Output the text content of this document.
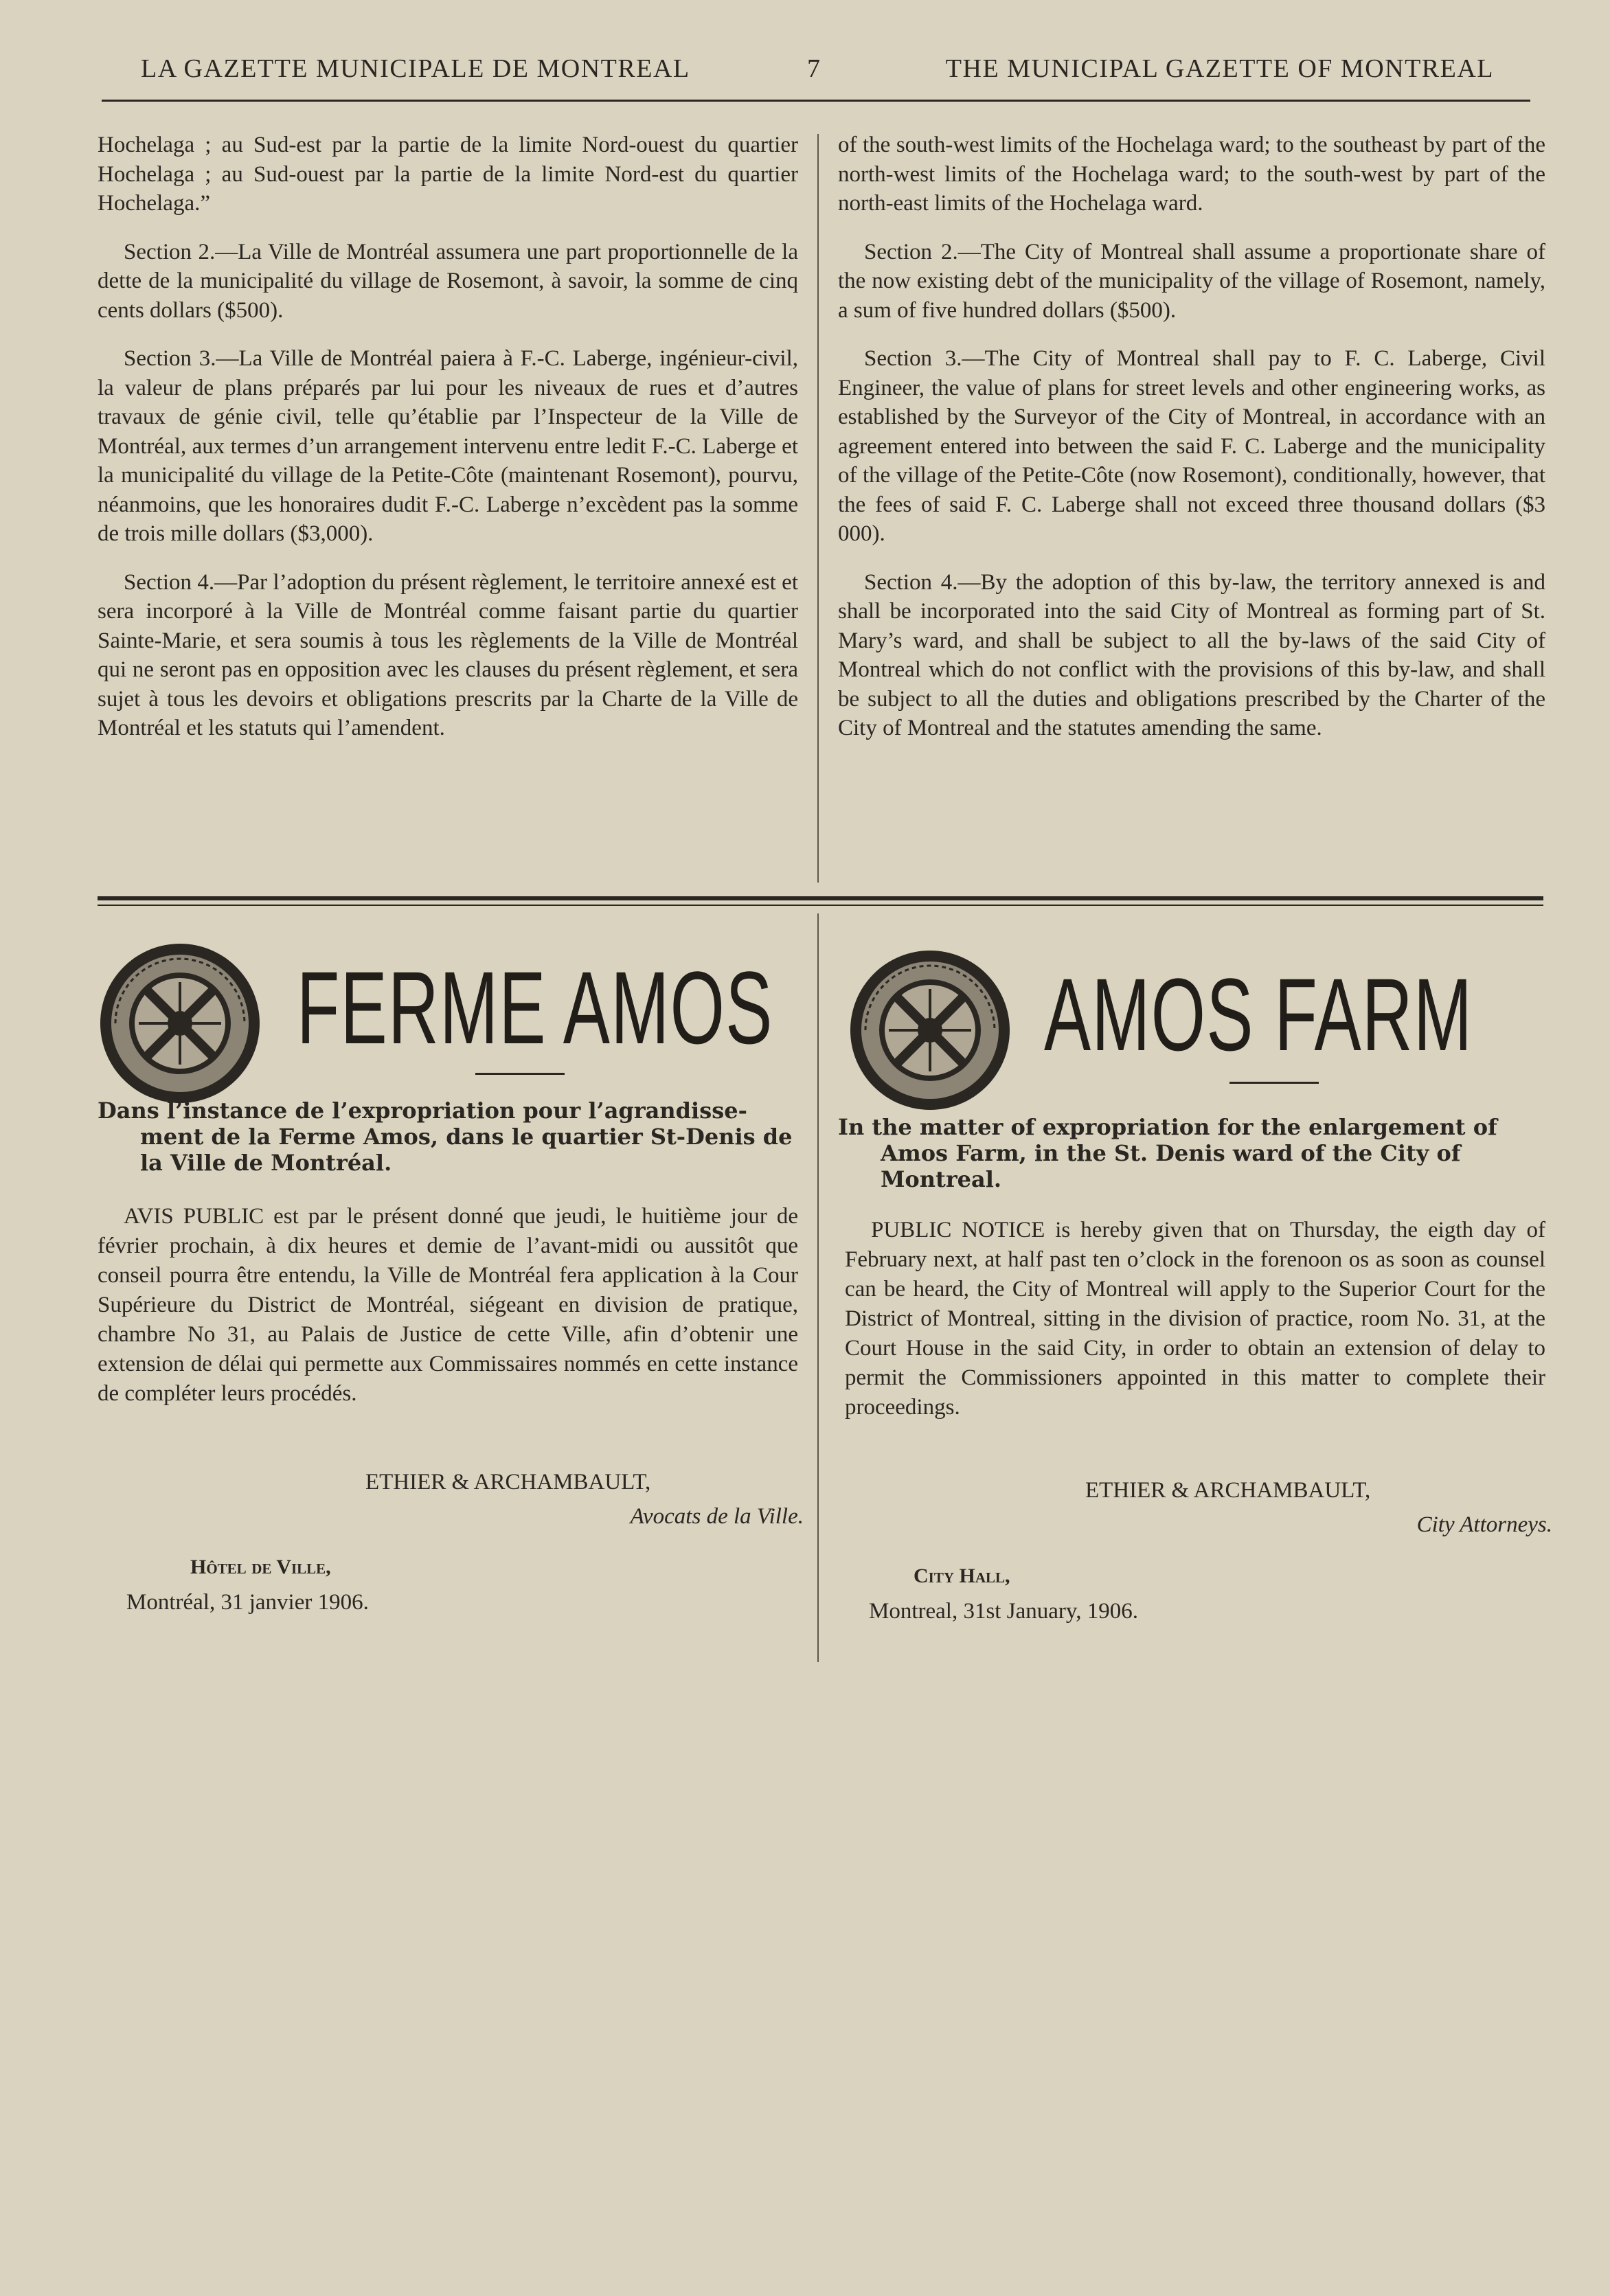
LA GAZETTE MUNICIPALE DE MONTREAL	7	THE MUNICIPAL GAZETTE OF MONTREAL

Hochelaga ; au Sud-est par la partie de la limite Nord-ouest du quartier Hochelaga ; au Sud-ouest par la partie de la limite Nord-est du quartier Hochelaga.”

Section 2.—La Ville de Montréal assumera une part proportionnelle de la dette de la municipalité du village de Rosemont, à savoir, la somme de cinq cents dollars ($500).

Section 3.—La Ville de Montréal paiera à F.-C. Laberge, ingénieur-civil, la valeur de plans préparés par lui pour les niveaux de rues et d’autres travaux de génie civil, telle qu’établie par l’Inspecteur de la Ville de Montréal, aux termes d’un arrangement intervenu entre ledit F.-C. Laberge et la municipalité du village de la Petite-Côte (maintenant Rosemont), pourvu, néanmoins, que les honoraires dudit F.-C. Laberge n’excèdent pas la somme de trois mille dollars ($3,000).

Section 4.—Par l’adoption du présent règlement, le territoire annexé est et sera incorporé à la Ville de Montréal comme faisant partie du quartier Sainte-Marie, et sera soumis à tous les règlements de la Ville de Montréal qui ne seront pas en opposition avec les clauses du présent règlement, et sera sujet à tous les devoirs et obligations prescrits par la Charte de la Ville de Montréal et les statuts qui l’amendent.

of the south-west limits of the Hochelaga ward; to the southeast by part of the north-west limits of the Hochelaga ward; to the south-west by part of the north-east limits of the Hochelaga ward.

Section 2.—The City of Montreal shall assume a proportionate share of the now existing debt of the municipality of the village of Rosemont, namely, a sum of five hundred dollars ($500).

Section 3.—The City of Montreal shall pay to F. C. Laberge, Civil Engineer, the value of plans for street levels and other engineering works, as established by the Surveyor of the City of Montreal, in accordance with an agreement entered into between the said F. C. Laberge and the municipality of the village of the Petite-Côte (now Rosemont), conditionally, however, that the fees of said F. C. Laberge shall not exceed three thousand dollars ($3 000).

Section 4.—By the adoption of this by-law, the territory annexed is and shall be incorporated into the said City of Montreal as forming part of St. Mary’s ward, and shall be subject to all the by-laws of the said City of Montreal which do not conflict with the provisions of this by-law, and shall be subject to all the duties and obligations prescribed by the Charter of the City of Montreal and the statutes amending the same.

FERME AMOS
Dans l’instance de l’expropriation pour l’agrandisse-
ment de la Ferme Amos, dans le quartier St-Denis de la Ville de Montréal.
AVIS PUBLIC est par le présent donné que jeudi, le huitième jour de février prochain, à dix heures et demie de l’avant-midi ou aussitôt que conseil pourra être entendu, la Ville de Montréal fera application à la Cour Supérieure du District de Montréal, siégeant en division de pratique, chambre No 31, au Palais de Justice de cette Ville, afin d’obtenir une extension de délai qui permette aux Commissaires nommés en cette instance de compléter leurs procédés.
ETHIER & ARCHAMBAULT,
Avocats de la Ville.
Hôtel de Ville,
Montréal, 31 janvier 1906.
AMOS FARM
In the matter of expropriation for the enlargement of
Amos Farm, in the St. Denis ward of the City of Montreal.
PUBLIC NOTICE is hereby given that on Thursday, the eigth day of February next, at half past ten o’clock in the forenoon os as soon as counsel can be heard, the City of Montreal will apply to the Superior Court for the District of Montreal, sitting in the division of practice, room No. 31, at the Court House in the said City, in order to obtain an extension of delay to permit the Commissioners appointed in this matter to complete their proceedings.
ETHIER & ARCHAMBAULT,
City Attorneys.
City Hall,
Montreal, 31st January, 1906.
